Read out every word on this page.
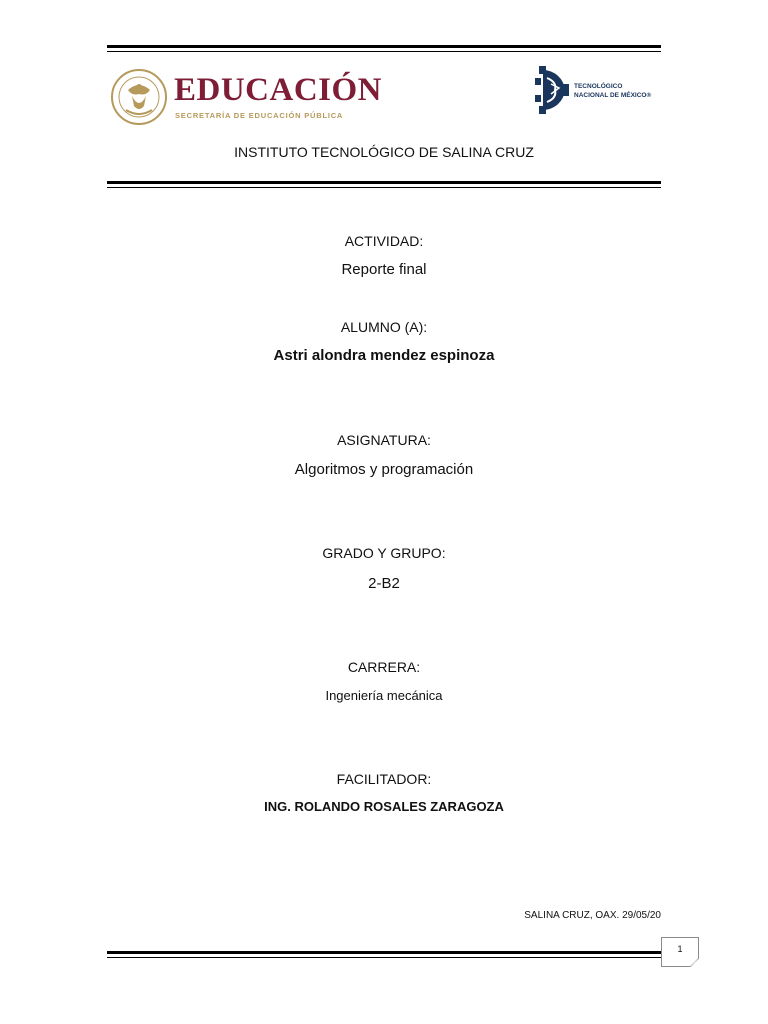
EDUCACIÓN
SECRETARÍA DE EDUCACIÓN PÚBLICA
TECNOLÓGICO
NACIONAL DE MÉXICO®
INSTITUTO TECNOLÓGICO DE SALINA CRUZ
ACTIVIDAD:
Reporte final
ALUMNO (A):
Astri alondra mendez espinoza
ASIGNATURA:
Algoritmos y programación
GRADO Y GRUPO:
2-B2
CARRERA:
Ingeniería mecánica
FACILITADOR:
ING. ROLANDO ROSALES ZARAGOZA
SALINA CRUZ, OAX. 29/05/20
1
